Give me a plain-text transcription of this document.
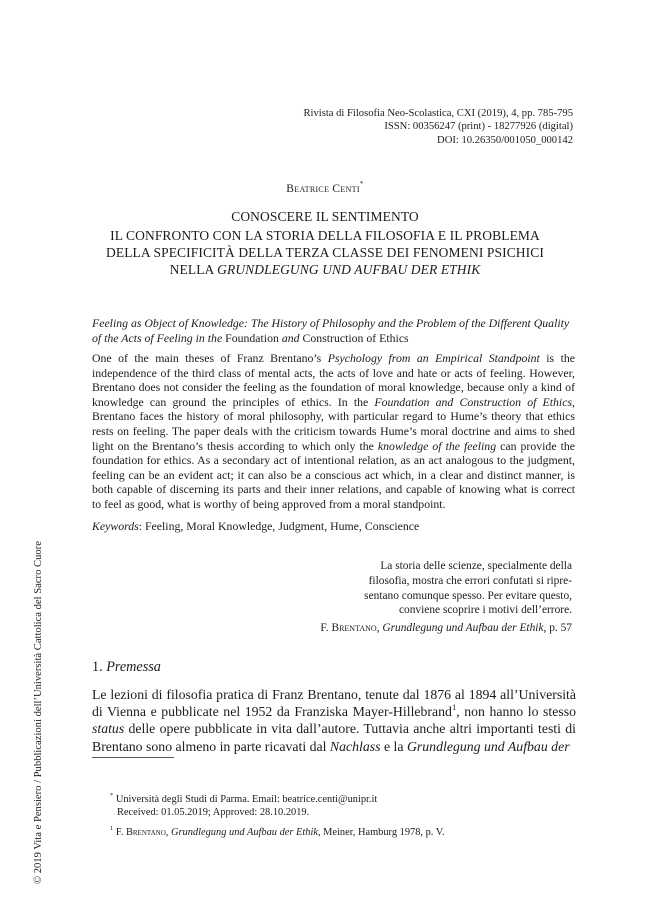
Rivista di Filosofia Neo-Scolastica, CXI (2019), 4, pp. 785-795
ISSN: 00356247 (print) - 18277926 (digital)
DOI: 10.26350/001050_000142
Beatrice Centi*
CONOSCERE IL SENTIMENTO
IL CONFRONTO CON LA STORIA DELLA FILOSOFIA E IL PROBLEMA
DELLA SPECIFICITÀ DELLA TERZA CLASSE DEI FENOMENI PSICHICI
NELLA GRUNDLEGUNG UND AUFBAU DER ETHIK
Feeling as Object of Knowledge: The History of Philosophy and the Problem of the Different Quality of the Acts of Feeling in the Foundation and Construction of Ethics
One of the main theses of Franz Brentano’s Psychology from an Empirical Standpoint is the independence of the third class of mental acts, the acts of love and hate or acts of feeling. However, Brentano does not consider the feeling as the foundation of moral knowledge, because only a kind of knowledge can ground the principles of ethics. In the Foundation and Construction of Ethics, Brentano faces the history of moral philosophy, with particular regard to Hume’s theory that ethics rests on feeling. The paper deals with the criticism towards Hume’s moral doctrine and aims to shed light on the Brentano’s thesis according to which only the knowledge of the feeling can provide the foundation for ethics. As a secondary act of intentional relation, as an act analogous to the judgment, feeling can be an evident act; it can also be a conscious act which, in a clear and distinct manner, is both capable of discerning its parts and their inner relations, and capable of knowing what is correct to feel as good, what is worthy of being approved from a moral standpoint.
Keywords: Feeling, Moral Knowledge, Judgment, Hume, Conscience
La storia delle scienze, specialmente della
filosofia, mostra che errori confutati si ripre-
sentano comunque spesso. Per evitare questo,
conviene scoprire i motivi dell’errore.
F. Brentano, Grundlegung und Aufbau der Ethik, p. 57
1. Premessa
Le lezioni di filosofia pratica di Franz Brentano, tenute dal 1876 al 1894 all’Università di Vienna e pubblicate nel 1952 da Franziska Mayer-Hillebrand$^1$, non hanno lo stesso status delle opere pubblicate in vita dall’autore. Tuttavia anche altri importanti testi di Brentano sono almeno in parte ricavati dal Nachlass e la Grundlegung und Aufbau der
* Università degli Studi di Parma. Email: beatrice.centi@unipr.it
Received: 01.05.2019; Approved: 28.10.2019.
$^1$ F. Brentano, Grundlegung und Aufbau der Ethik, Meiner, Hamburg 1978, p. V.
© 2019 Vita e Pensiero / Pubblicazioni dell’Università Cattolica del Sacro Cuore
